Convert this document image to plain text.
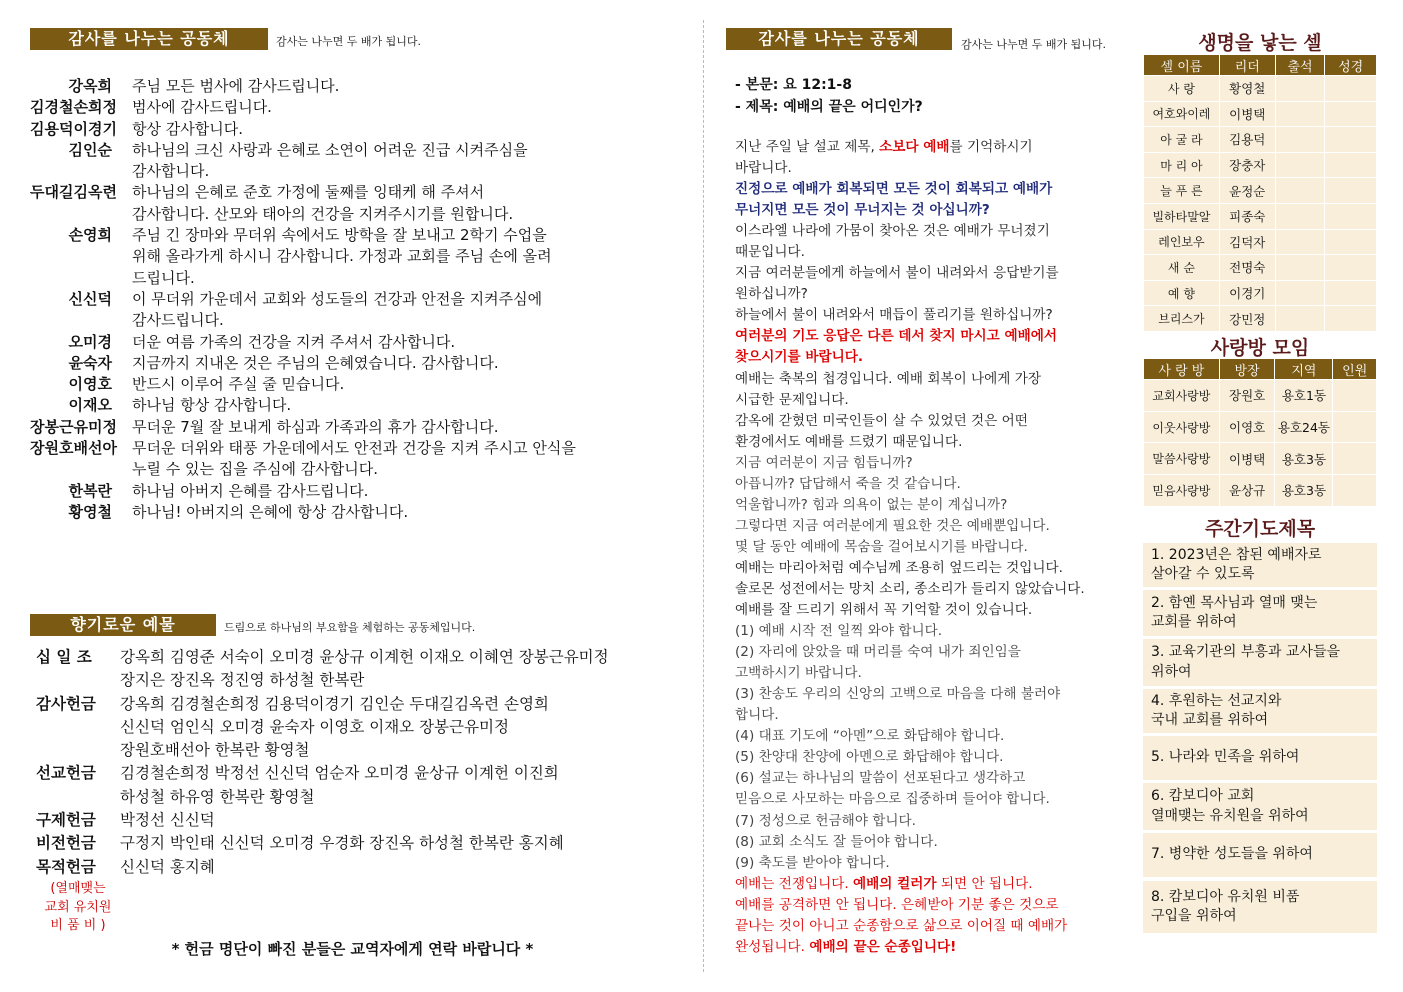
감사를 나누는 공동체	감사는 나누면 두 배가 됩니다.
강옥희	주님 모든 범사에 감사드립니다.
김경철손희정	범사에 감사드립니다.
김용덕이경기	항상 감사합니다.
김인순	하나님의 크신 사랑과 은혜로 소연이 어려운 진급 시켜주심을
감사합니다.
두대길김옥련	하나님의 은혜로 준호 가정에 둘째를 잉태케 해 주셔서
감사합니다. 산모와 태아의 건강을 지켜주시기를 원합니다.
손영희	주님 긴 장마와 무더위 속에서도 방학을 잘 보내고 2학기 수업을
위해 올라가게 하시니 감사합니다. 가정과 교회를 주님 손에 올려
드립니다.
신신덕	이 무더위 가운데서 교회와 성도들의 건강과 안전을 지켜주심에
감사드립니다.
오미경	더운 여름 가족의 건강을 지켜 주셔서 감사합니다.
윤숙자	지금까지 지내온 것은 주님의 은혜였습니다. 감사합니다.
이영호	반드시 이루어 주실 줄 믿습니다.
이재오	하나님 항상 감사합니다.
장봉근유미정	무더운 7월 잘 보내게 하심과 가족과의 휴가 감사합니다.
장원호배선아	무더운 더위와 태풍 가운데에서도 안전과 건강을 지켜 주시고 안식을
누릴 수 있는 집을 주심에 감사합니다.
한복란	하나님 아버지 은혜를 감사드립니다.
황영철	하나님! 아버지의 은혜에 항상 감사합니다.
향기로운 예물	드림으로 하나님의 부요함을 체험하는 공동체입니다.
십 일 조	강옥희 김영준 서숙이 오미경 윤상규 이계헌 이재오 이혜연 장봉근유미정
장지은 장진옥 정진영 하성철 한복란
감사헌금	강옥희 김경철손희정 김용덕이경기 김인순 두대길김옥련 손영희
신신덕 엄인식 오미경 윤숙자 이영호 이재오 장봉근유미정
장원호배선아 한복란 황영철
선교헌금	김경철손희정 박정선 신신덕 엄순자 오미경 윤상규 이계헌 이진희
하성철 하유영 한복란 황영철
구제헌금	박정선 신신덕
비전헌금	구정지 박인태 신신덕 오미경 우경화 장진옥 하성철 한복란 홍지혜
목적헌금	신신덕 홍지혜
(열매맺는
교회 유치원
비 품 비 )
* 헌금 명단이 빠진 분들은 교역자에게 연락 바랍니다 *
감사를 나누는 공동체	감사는 나누면 두 배가 됩니다.
- 본문: 요 12:1-8
- 제목: 예배의 끝은 어디인가?
지난 주일 날 설교 제목, 소보다 예배를 기억하시기
바랍니다.
진정으로 예배가 회복되면 모든 것이 회복되고 예배가
무너지면 모든 것이 무너지는 것 아십니까?
이스라엘 나라에 가뭄이 찾아온 것은 예배가 무너졌기
때문입니다.
지금 여러분들에게 하늘에서 불이 내려와서 응답받기를
원하십니까?
하늘에서 불이 내려와서 매듭이 풀리기를 원하십니까?
여러분의 기도 응답은 다른 데서 찾지 마시고 예배에서
찾으시기를 바랍니다.
예배는 축복의 첩경입니다. 예배 회복이 나에게 가장
시급한 문제입니다.
감옥에 갇혔던 미국인들이 살 수 있었던 것은 어떤
환경에서도 예배를 드렸기 때문입니다.
지금 여러분이 지금 힘듭니까?
아픕니까? 답답해서 죽을 것 같습니다.
억울합니까? 힘과 의욕이 없는 분이 계십니까?
그렇다면 지금 여러분에게 필요한 것은 예배뿐입니다.
몇 달 동안 예배에 목숨을 걸어보시기를 바랍니다.
예배는 마리아처럼 예수님께 조용히 엎드리는 것입니다.
솔로몬 성전에서는 망치 소리, 종소리가 들리지 않았습니다.
예배를 잘 드리기 위해서 꼭 기억할 것이 있습니다.
(1) 예배 시작 전 일찍 와야 합니다.
(2) 자리에 앉았을 때 머리를 숙여 내가 죄인임을
고백하시기 바랍니다.
(3) 찬송도 우리의 신앙의 고백으로 마음을 다해 불러야
합니다.
(4) 대표 기도에 “아멘”으로 화답해야 합니다.
(5) 찬양대 찬양에 아멘으로 화답해야 합니다.
(6) 설교는 하나님의 말씀이 선포된다고 생각하고
믿음으로 사모하는 마음으로 집중하며 들어야 합니다.
(7) 정성으로 헌금해야 합니다.
(8) 교회 소식도 잘 들어야 합니다.
(9) 축도를 받아야 합니다.
예배는 전쟁입니다. 예배의 컬러가 되면 안 됩니다.
예배를 공격하면 안 됩니다. 은혜받아 기분 좋은 것으로
끝나는 것이 아니고 순종함으로 삶으로 이어질 때 예배가
완성됩니다. 예배의 끝은 순종입니다!
생명을 낳는 셀
셀 이름	리더	출석	성경
사 랑	황영철		
여호와이레	이병택		
아 굴 라	김용덕		
마 리 아	장충자		
늘 푸 른	윤정순		
빌하타말알	피종숙		
레인보우	김덕자		
새 순	전명숙		
예 향	이경기		
브리스가	강민정		
사랑방 모임
사 랑 방	방장	지역	인원
교회사랑방	장원호	용호1동	
이웃사랑방	이영호	용호24동	
말씀사랑방	이병택	용호3동	
믿음사랑방	윤상규	용호3동	
주간기도제목
1. 2023년은 참된 예배자로
살아갈 수 있도록
2. 함옌 목사님과 열매 맺는
교회를 위하여
3. 교육기관의 부흥과 교사들을
위하여
4. 후원하는 선교지와
국내 교회를 위하여
5. 나라와 민족을 위하여
6. 캄보디아 교회
열매맺는 유치원을 위하여
7. 병약한 성도들을 위하여
8. 캄보디아 유치원 비품
구입을 위하여
